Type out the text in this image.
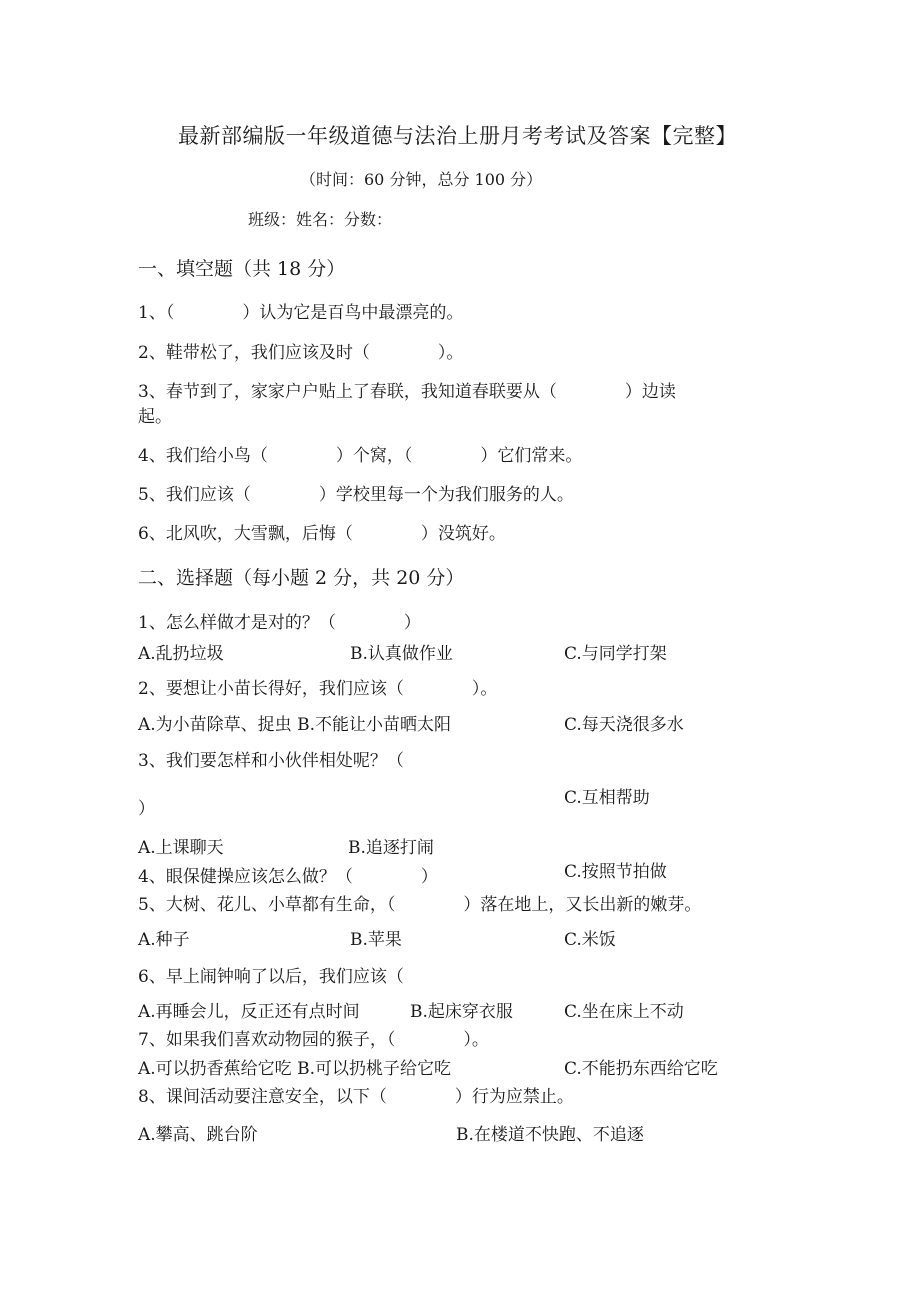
最新部编版一年级道德与法治上册月考考试及答案【完整】
（时间：60 分钟，总分 100 分）
班级：姓名：分数：
一、填空题（共 18 分）
1、（　　　　）认为它是百鸟中最漂亮的。
2、鞋带松了，我们应该及时（　　　　）。
3、春节到了，家家户户贴上了春联，我知道春联要从（　　　　）边读
起。
4、我们给小鸟（　　　　）个窝，（　　　　）它们常来。
5、我们应该（　　　　）学校里每一个为我们服务的人。
6、北风吹，大雪飘，后悔（　　　　）没筑好。
二、选择题（每小题 2 分，共 20 分）
1、怎么样做才是对的？（　　　　）
A.乱扔垃圾	B.认真做作业	C.与同学打架
2、要想让小苗长得好，我们应该（　　　　）。
A.为小苗除草、捉虫 B.不能让小苗晒太阳	C.每天浇很多水
3、我们要怎样和小伙伴相处呢？（
）
C.互相帮助
A.上课聊天	B.追逐打闹
C.按照节拍做
4、眼保健操应该怎么做？（　　　　）
5、大树、花儿、小草都有生命，（　　　　）落在地上，又长出新的嫩芽。
A.种子	B.苹果	C.米饭
6、早上闹钟响了以后，我们应该（
A.再睡会儿，反正还有点时间	B.起床穿衣服	C.坐在床上不动
7、如果我们喜欢动物园的猴子，（　　　　）。
A.可以扔香蕉给它吃 B.可以扔桃子给它吃	C.不能扔东西给它吃
8、课间活动要注意安全，以下（　　　　）行为应禁止。
A.攀高、跳台阶	B.在楼道不快跑、不追逐
